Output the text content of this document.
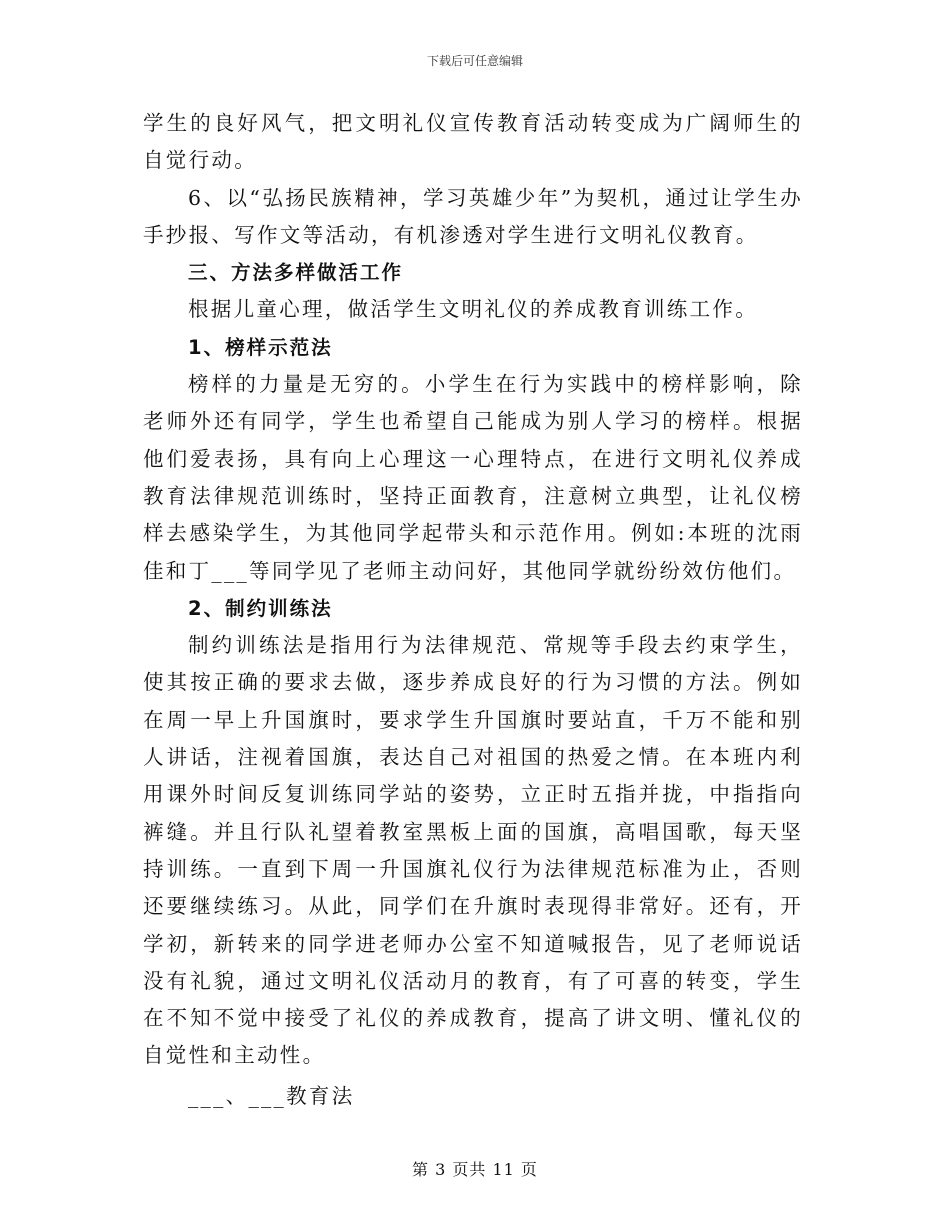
下载后可任意编辑

学生的良好风气，把文明礼仪宣传教育活动转变成为广阔师生的自觉行动。

6、以“弘扬民族精神，学习英雄少年”为契机，通过让学生办手抄报、写作文等活动，有机渗透对学生进行文明礼仪教育。

三、方法多样做活工作

根据儿童心理，做活学生文明礼仪的养成教育训练工作。

1、榜样示范法

榜样的力量是无穷的。小学生在行为实践中的榜样影响，除老师外还有同学，学生也希望自己能成为别人学习的榜样。根据他们爱表扬，具有向上心理这一心理特点，在进行文明礼仪养成教育法律规范训练时，坚持正面教育，注意树立典型，让礼仪榜样去感染学生，为其他同学起带头和示范作用。例如:本班的沈雨佳和丁___等同学见了老师主动问好，其他同学就纷纷效仿他们。

2、制约训练法

制约训练法是指用行为法律规范、常规等手段去约束学生，使其按正确的要求去做，逐步养成良好的行为习惯的方法。例如在周一早上升国旗时，要求学生升国旗时要站直，千万不能和别人讲话，注视着国旗，表达自己对祖国的热爱之情。在本班内利用课外时间反复训练同学站的姿势，立正时五指并拢，中指指向裤缝。并且行队礼望着教室黑板上面的国旗，高唱国歌，每天坚持训练。一直到下周一升国旗礼仪行为法律规范标准为止，否则还要继续练习。从此，同学们在升旗时表现得非常好。还有，开学初，新转来的同学进老师办公室不知道喊报告，见了老师说话没有礼貌，通过文明礼仪活动月的教育，有了可喜的转变，学生在不知不觉中接受了礼仪的养成教育，提高了讲文明、懂礼仪的自觉性和主动性。

___、___教育法

第 3 页共 11 页
